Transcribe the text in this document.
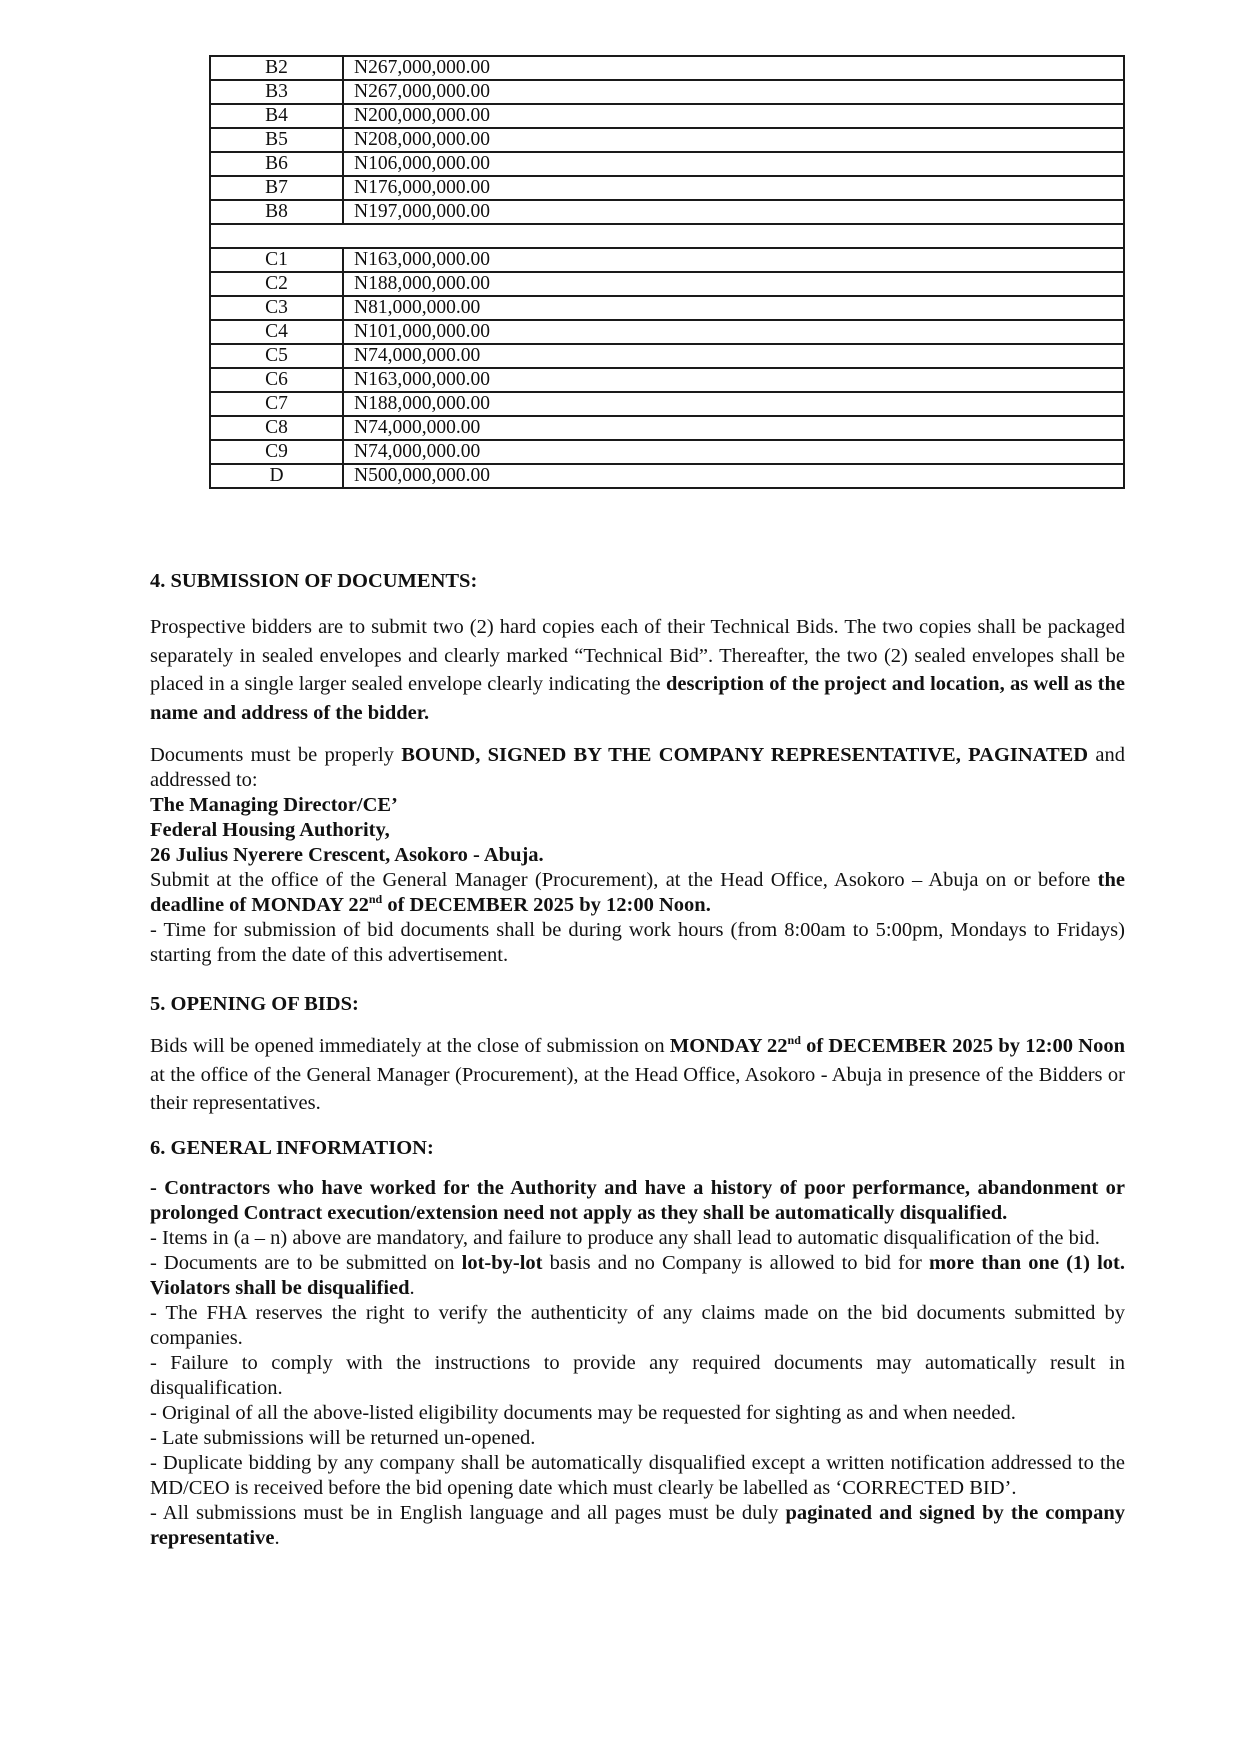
B2	N267,000,000.00
B3	N267,000,000.00
B4	N200,000,000.00
B5	N208,000,000.00
B6	N106,000,000.00
B7	N176,000,000.00
B8	N197,000,000.00

C1	N163,000,000.00
C2	N188,000,000.00
C3	N81,000,000.00
C4	N101,000,000.00
C5	N74,000,000.00
C6	N163,000,000.00
C7	N188,000,000.00
C8	N74,000,000.00
C9	N74,000,000.00
D	N500,000,000.00

4. SUBMISSION OF DOCUMENTS:

Prospective bidders are to submit two (2) hard copies each of their Technical Bids. The two copies shall be packaged separately in sealed envelopes and clearly marked “Technical Bid”. Thereafter, the two (2) sealed envelopes shall be placed in a single larger sealed envelope clearly indicating the description of the project and location, as well as the name and address of the bidder.

Documents must be properly BOUND, SIGNED BY THE COMPANY REPRESENTATIVE, PAGINATED and addressed to:

The Managing Director/CE’

Federal Housing Authority,

26 Julius Nyerere Crescent, Asokoro - Abuja.

Submit at the office of the General Manager (Procurement), at the Head Office, Asokoro – Abuja on or before the deadline of MONDAY 22nd of DECEMBER 2025 by 12:00 Noon.

- Time for submission of bid documents shall be during work hours (from 8:00am to 5:00pm, Mondays to Fridays) starting from the date of this advertisement.

5. OPENING OF BIDS:

Bids will be opened immediately at the close of submission on MONDAY 22nd of DECEMBER 2025 by 12:00 Noon at the office of the General Manager (Procurement), at the Head Office, Asokoro - Abuja in presence of the Bidders or their representatives.

6. GENERAL INFORMATION:

- Contractors who have worked for the Authority and have a history of poor performance, abandonment or prolonged Contract execution/extension need not apply as they shall be automatically disqualified.

- Items in (a – n) above are mandatory, and failure to produce any shall lead to automatic disqualification of the bid.

- Documents are to be submitted on lot-by-lot basis and no Company is allowed to bid for more than one (1) lot. Violators shall be disqualified.

- The FHA reserves the right to verify the authenticity of any claims made on the bid documents submitted by companies.

- Failure to comply with the instructions to provide any required documents may automatically result in disqualification.

- Original of all the above-listed eligibility documents may be requested for sighting as and when needed.

- Late submissions will be returned un-opened.

- Duplicate bidding by any company shall be automatically disqualified except a written notification addressed to the MD/CEO is received before the bid opening date which must clearly be labelled as ‘CORRECTED BID’.

- All submissions must be in English language and all pages must be duly paginated and signed by the company representative.
